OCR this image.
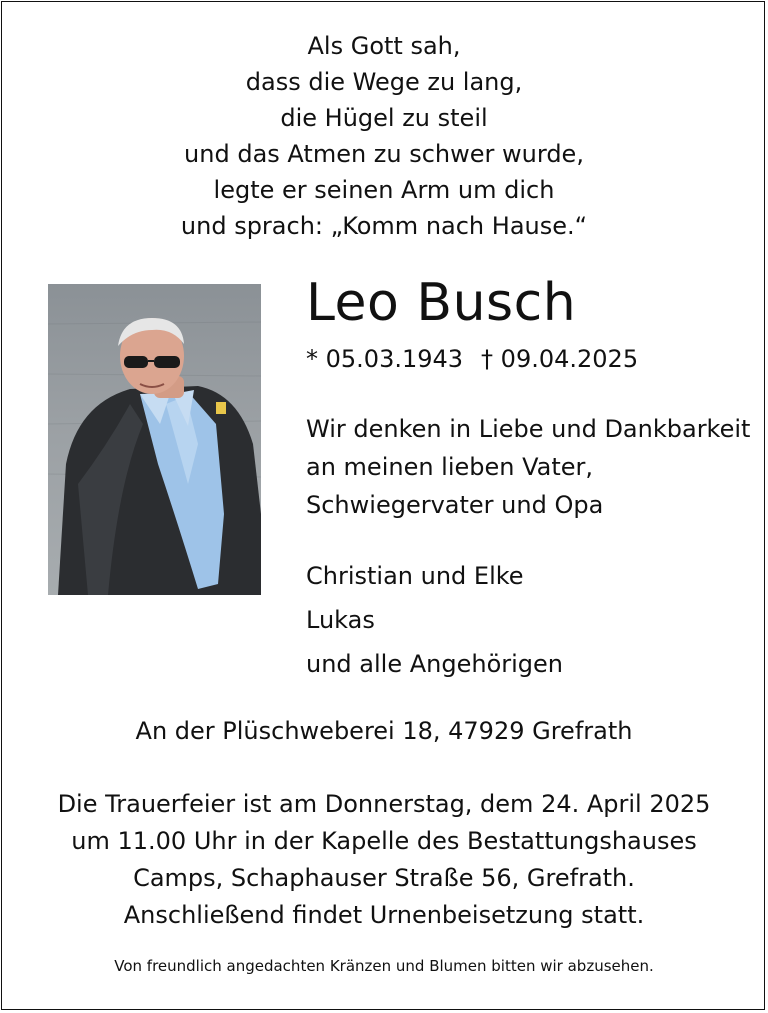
Als Gott sah,
dass die Wege zu lang,
die Hügel zu steil
und das Atmen zu schwer wurde,
legte er seinen Arm um dich
und sprach: „Komm nach Hause.“
Leo Busch
* 05.03.1943 † 09.04.2025
Wir denken in Liebe und Dankbarkeit
an meinen lieben Vater,
Schwiegervater und Opa
Christian und Elke
Lukas
und alle Angehörigen
An der Plüschweberei 18, 47929 Grefrath
Die Trauerfeier ist am Donnerstag, dem 24. April 2025
um 11.00 Uhr in der Kapelle des Bestattungshauses
Camps, Schaphauser Straße 56, Grefrath.
Anschließend findet Urnenbeisetzung statt.
Von freundlich angedachten Kränzen und Blumen bitten wir abzusehen.
